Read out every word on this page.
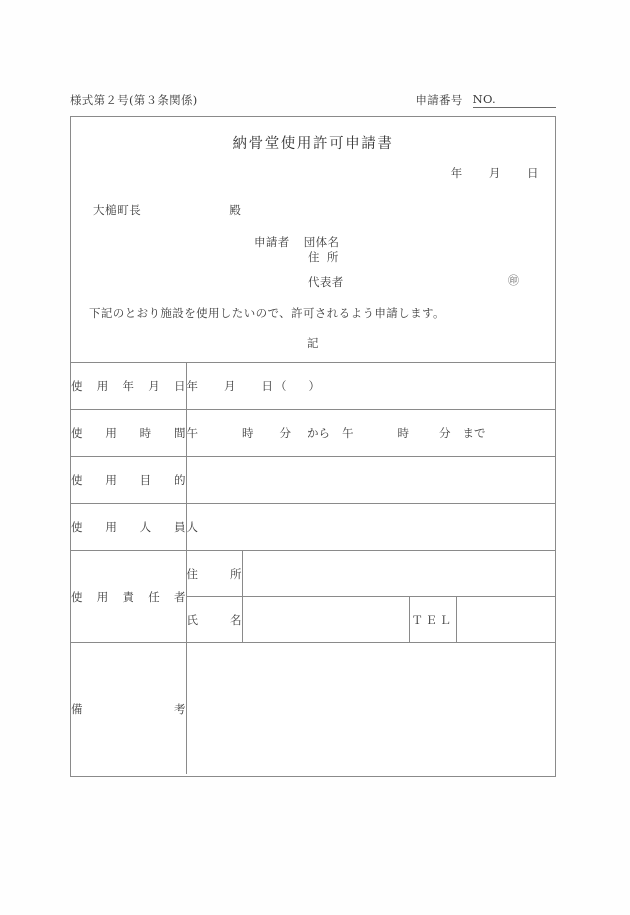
様式第２号(第３条関係)	申請番号 NO.
納骨堂使用許可申請書
年 月 日
大槌町長	殿
申請者 団体名
住 所
代表者	㊞
下記のとおり施設を使用したいので、許可されるよう申請します。
記
使用年月日	年 月 日 （ ）			
使用時間	午 時 分 から 午 時 分 まで			
使用目的				
使用人員	人			
使用責任者	住　所			
	氏　名		ＴＥＬ	
備　　考				
